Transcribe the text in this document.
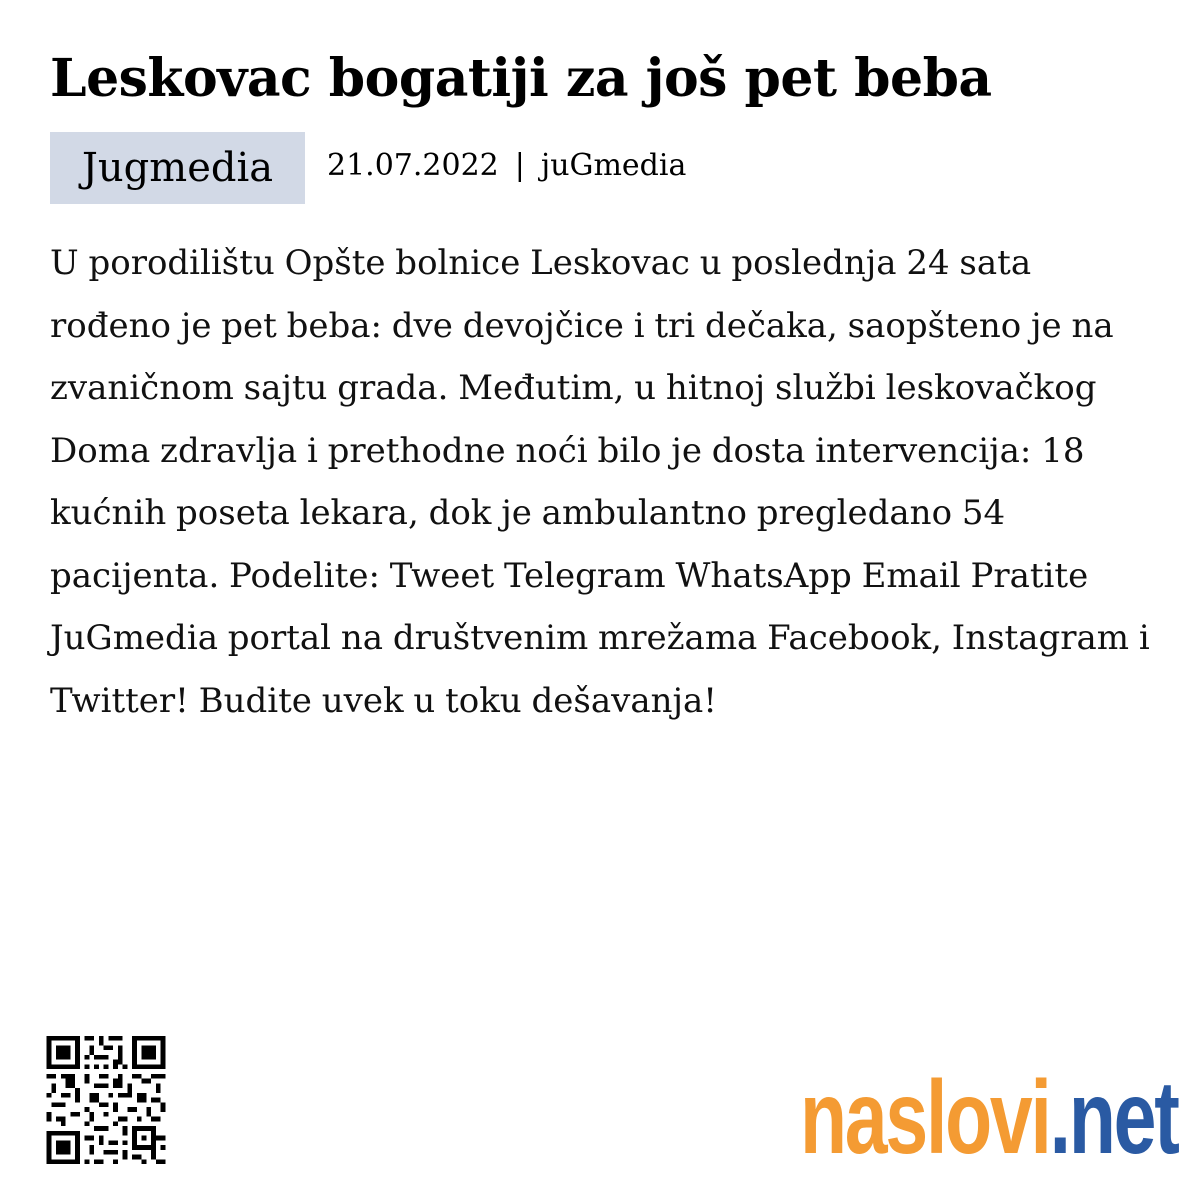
Leskovac bogatiji za još pet beba
Jugmedia	21.07.2022 | juGmedia

U porodilištu Opšte bolnice Leskovac u poslednja 24 sata rođeno je pet beba: dve devojčice i tri dečaka, saopšteno je na zvaničnom sajtu grada. Međutim, u hitnoj službi leskovačkog Doma zdravlja i prethodne noći bilo je dosta intervencija: 18 kućnih poseta lekara, dok je ambulantno pregledano 54 pacijenta. Podelite: Tweet Telegram WhatsApp Email Pratite JuGmedia portal na društvenim mrežama Facebook, Instagram i Twitter! Budite uvek u toku dešavanja!

naslovi .net
